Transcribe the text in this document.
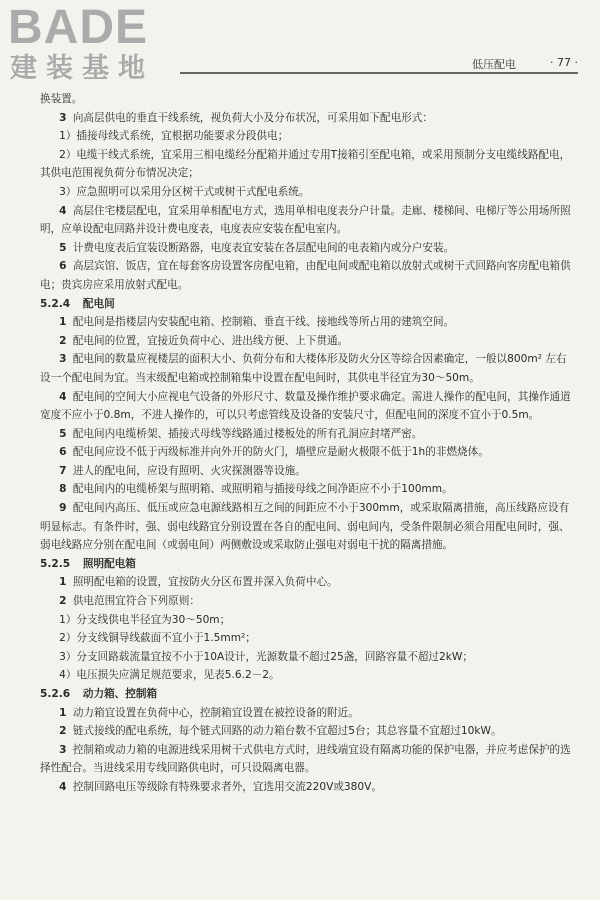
BADE
建装基地	低压配电	· 77 ·

换装置。

3 向高层供电的垂直干线系统，视负荷大小及分布状况，可采用如下配电形式：

1）插接母线式系统，宜根据功能要求分段供电；

2）电缆干线式系统，宜采用三相电缆经分配箱并通过专用T接箱引至配电箱，或采用预制分支电缆线路配电，其供电范围视负荷分布情况决定；

3）应急照明可以采用分区树干式或树干式配电系统。

4 高层住宅楼层配电，宜采用单相配电方式，选用单相电度表分户计量。走廊、楼梯间、电梯厅等公用场所照明，应单设配电回路并设计费电度表，电度表应安装在配电室内。

5 计费电度表后宜装设断路器，电度表宜安装在各层配电间的电表箱内或分户安装。

6 高层宾馆、饭店，宜在每套客房设置客房配电箱，由配电间或配电箱以放射式或树干式回路向客房配电箱供电；贵宾房应采用放射式配电。

5.2.4 配电间

1 配电间是指楼层内安装配电箱、控制箱、垂直干线、接地线等所占用的建筑空间。

2 配电间的位置，宜接近负荷中心、进出线方便、上下贯通。

3 配电间的数量应视楼层的面积大小、负荷分布和大楼体形及防火分区等综合因素确定，一般以800m² 左右设一个配电间为宜。当末级配电箱或控制箱集中设置在配电间时，其供电半径宜为30～50m。

4 配电间的空间大小应视电气设备的外形尺寸、数量及操作维护要求确定。需进人操作的配电间，其操作通道宽度不应小于0.8m，不进人操作的，可以只考虑管线及设备的安装尺寸，但配电间的深度不宜小于0.5m。

5 配电间内电缆桥架、插接式母线等线路通过楼板处的所有孔洞应封堵严密。

6 配电间应设不低于丙级标准并向外开的防火门，墙壁应是耐火极限不低于1h的非燃烧体。

7 进人的配电间，应设有照明、火灾探测器等设施。

8 配电间内的电缆桥架与照明箱、或照明箱与插接母线之间净距应不小于100mm。

9 配电间内高压、低压或应急电源线路相互之间的间距应不小于300mm，或采取隔离措施，高压线路应设有明显标志。有条件时，强、弱电线路宜分别设置在各自的配电间、弱电间内，受条件限制必须合用配电间时，强、弱电线路应分别在配电间（或弱电间）两侧敷设或采取防止强电对弱电干扰的隔离措施。

5.2.5 照明配电箱

1 照明配电箱的设置，宜按防火分区布置并深入负荷中心。

2 供电范围宜符合下列原则：

1）分支线供电半径宜为30～50m；

2）分支线铜导线截面不宜小于1.5mm²；

3）分支回路载流量宜按不小于10A设计，光源数量不超过25盏，回路容量不超过2kW；

4）电压损失应满足规范要求，见表5.6.2－2。

5.2.6 动力箱、控制箱

1 动力箱宜设置在负荷中心，控制箱宜设置在被控设备的附近。

2 链式接线的配电系统，每个链式回路的动力箱台数不宜超过5台；其总容量不宜超过10kW。

3 控制箱或动力箱的电源进线采用树干式供电方式时，进线端宜设有隔离功能的保护电器，并应考虑保护的选择性配合。当进线采用专线回路供电时，可只设隔离电器。

4 控制回路电压等级除有特殊要求者外，宜选用交流220V或380V。
